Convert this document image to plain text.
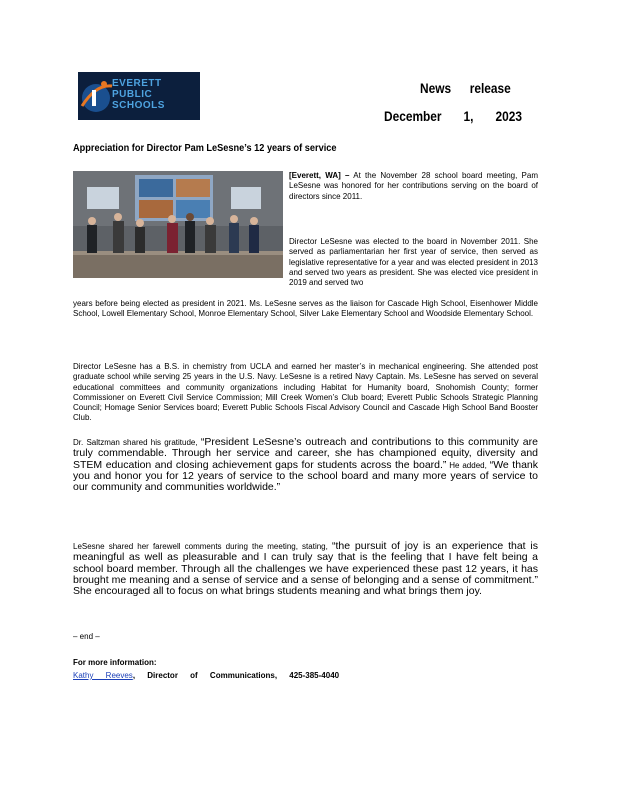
EVERETT
PUBLIC
SCHOOLS
News release
December 1, 2023
Appreciation for Director Pam LeSesne’s 12 years of service
[Everett, WA] – At the November 28 school board meeting, Pam LeSesne was honored for her contributions serving on the board of directors since 2011.
Director LeSesne was elected to the board in November 2011. She served as parliamentarian her first year of service, then served as legislative representative for a year and was elected president in 2013 and served two years as president. She was elected vice president in 2019 and served two
years before being elected as president in 2021. Ms. LeSesne serves as the liaison for Cascade High School, Eisenhower Middle School, Lowell Elementary School, Monroe Elementary School, Silver Lake Elementary School and Woodside Elementary School.
Director LeSesne has a B.S. in chemistry from UCLA and earned her master’s in mechanical engineering. She attended post graduate school while serving 25 years in the U.S. Navy. LeSesne is a retired Navy Captain. Ms. LeSesne has served on several educational committees and community organizations including Habitat for Humanity board, Snohomish County; former Commissioner on Everett Civil Service Commission; Mill Creek Women’s Club board; Everett Public Schools Strategic Planning Council; Homage Senior Services board; Everett Public Schools Fiscal Advisory Council and Cascade High School Band Booster Club.
Dr. Saltzman shared his gratitude, “President LeSesne’s outreach and contributions to this community are truly commendable. Through her service and career, she has championed equity, diversity and STEM education and closing achievement gaps for students across the board.” He added, “We thank you and honor you for 12 years of service to the school board and many more years of service to our community and communities worldwide.”
LeSesne shared her farewell comments during the meeting, stating, “the pursuit of joy is an experience that is meaningful as well as pleasurable and I can truly say that is the feeling that I have felt being a school board member. Through all the challenges we have experienced these past 12 years, it has brought me meaning and a sense of service and a sense of belonging and a sense of commitment.” She encouraged all to focus on what brings students meaning and what brings them joy.
– end –
For more information:
Kathy Reeves, Director of Communications, 425-385-4040
